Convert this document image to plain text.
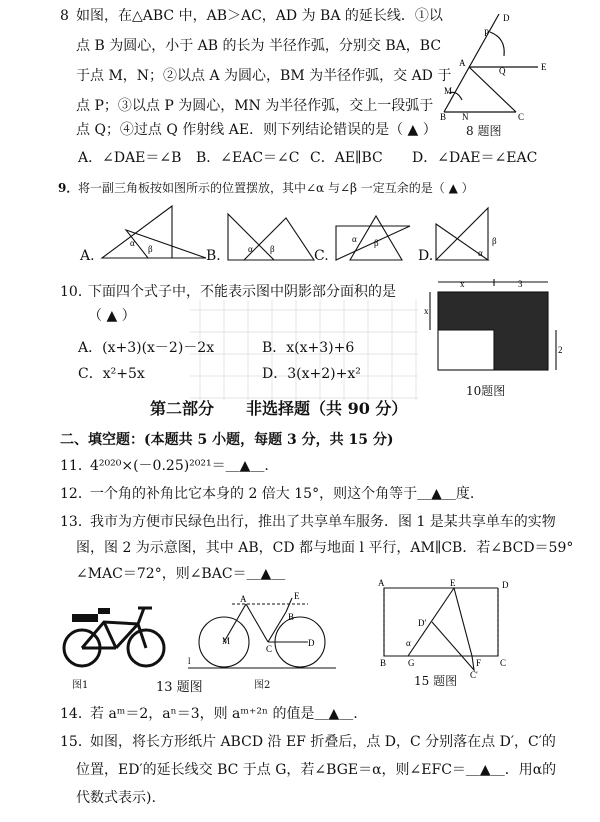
8 如图，在△ABC 中，AB＞AC，AD 为 BA 的延长线．①以
点 B 为圆心，小于 AB 的长为 半径作弧，分别交 BA，BC
于点 M，N；②以点 A 为圆心，BM 为半径作弧，交 AD 于
点 P；③以点 P 为圆心，MN 为半径作弧，交上一段弧于
点 Q；④过点 Q 作射线 AE．则下列结论错误的是（ ▲ ）
A．∠DAE＝∠B B．∠EAC＝∠C C．AE∥BC D．∠DAE＝∠EAC
D
P
A
Q	E
M
B N	C
8 题图
9． 将一副三角板按如图所示的位置摆放，其中∠α 与∠β 一定互余的是（ ▲ ）
A.
α
β	B.	α β	C.
α β
D.
β
α
10．
下面四个式子中，不能表示图中阴影部分面积的是
（ ▲ ）
A．(x+3)(x－2)－2x	B．x(x+3)+6
C．x²+5x	D．3(x+2)+x²
x	3
x
2
10题图
第二部分　　非选择题（共 90 分）
二、填空题：(本题共 5 小题，每题 3 分，共 15 分)
11．
4²⁰²⁰×(－0.25)²⁰²¹＝＿▲＿.
12．
一个角的补角比它本身的 2 倍大 15°，则这个角等于＿▲＿度.
13．
我市为方便市民绿色出行，推出了共享单车服务．图 1 是某共享单车的实物
图，图 2 为示意图，其中 AB，CD 都与地面 l 平行，AM∥CB．若∠BCD＝59°
∠MAC＝72°，则∠BAC＝＿▲＿
图1	13 题图
A	E
B
M
C
D
l
图2
A	E	D
D′
α
B G	F C
C′
15 题图
14．
若 aᵐ＝2，aⁿ＝3，则 aᵐ⁺²ⁿ 的值是＿▲＿.
15．
如图，将长方形纸片 ABCD 沿 EF 折叠后，点 D，C 分别落在点 D′，C′的
位置，ED′的延长线交 BC 于点 G，若∠BGE＝α，则∠EFC＝＿▲＿．用α的
代数式表示).
